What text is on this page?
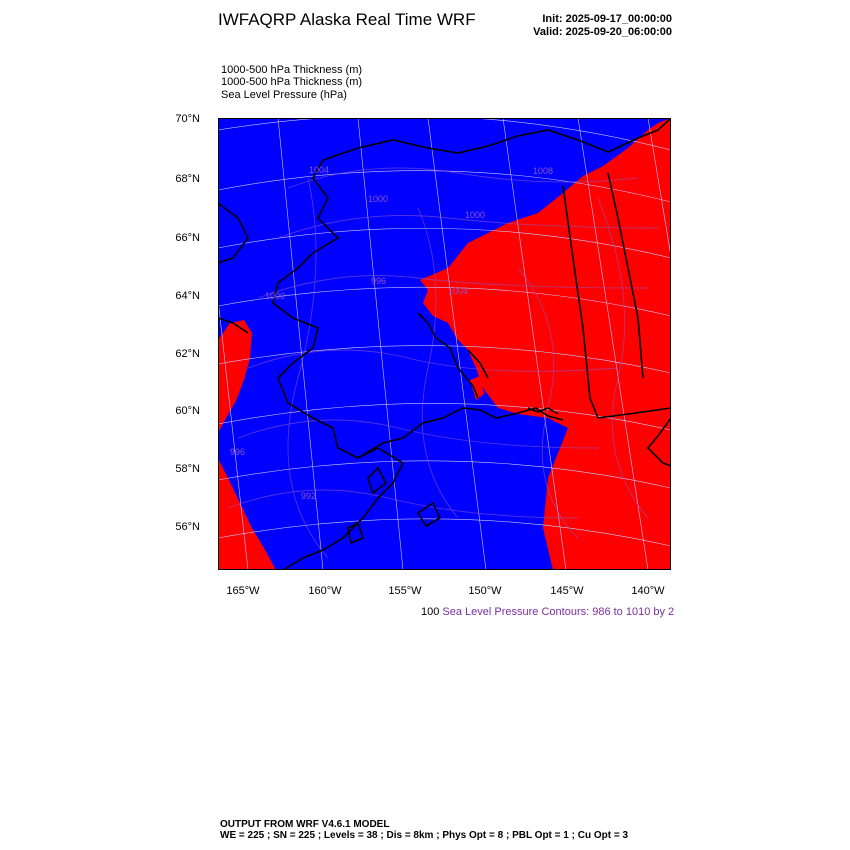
IWFAQRP Alaska Real Time WRF	Init: 2025-09-17_00:00:00
Valid: 2025-09-20_06:00:00
1000-500 hPa Thickness (m)
1000-500 hPa Thickness (m)
Sea Level Pressure (hPa)
70°N
68°N
66°N
64°N
62°N
60°N
58°N
56°N
165°W	160°W	155°W	150°W	145°W	140°W
1004	1008
1000
1000
996
1000	1004
996
992
100 Sea Level Pressure Contours: 986 to 1010 by 2
OUTPUT FROM WRF V4.6.1 MODEL
WE = 225 ; SN = 225 ; Levels = 38 ; Dis = 8km ; Phys Opt = 8 ; PBL Opt = 1 ; Cu Opt = 3
